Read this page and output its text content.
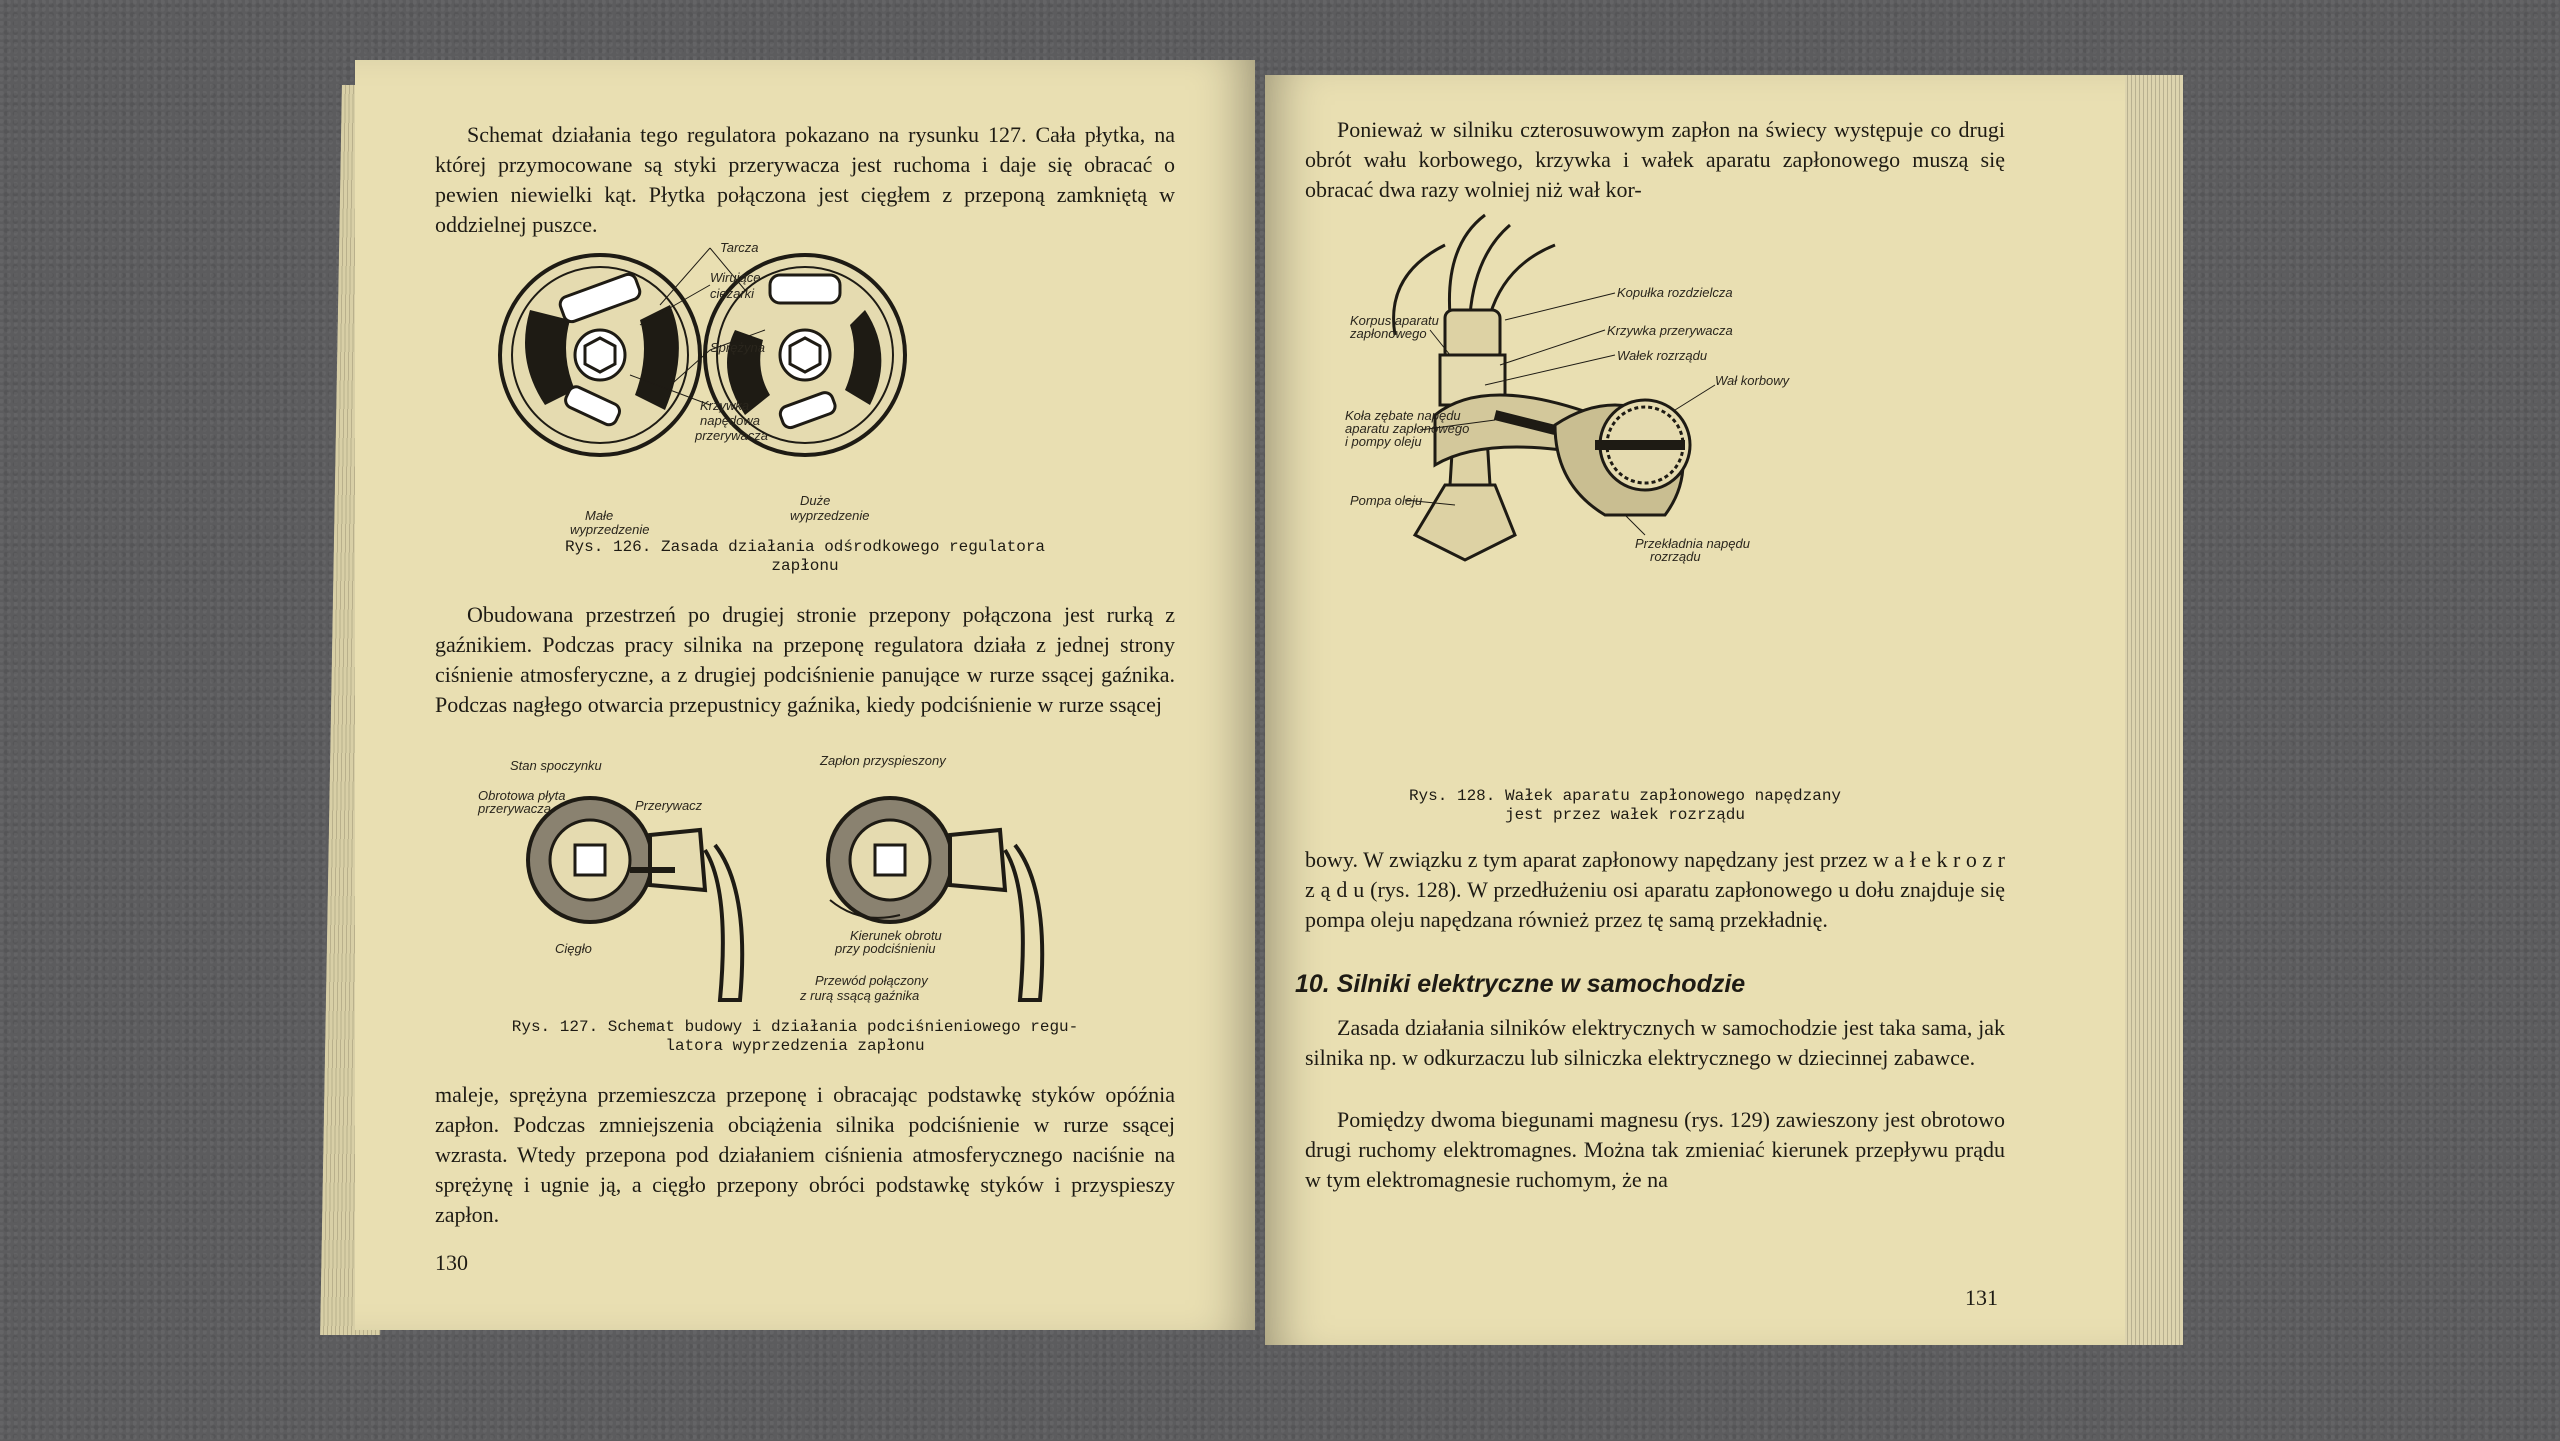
Schemat działania tego regulatora pokazano na rysunku 127. Cała płytka, na której przymocowane są styki przerywacza jest ruchoma i daje się obracać o pewien niewielki kąt. Płytka połączona jest cięgłem z przeponą zamkniętą w oddzielnej puszce.

Tarcza
Wirujące
ciężarki
Sprężyna
Krzywka
napędowa
przerywacza
Małe
wyprzedzenie
Duże
wyprzedzenie
Rys. 126. Zasada działania odśrodkowego regulatora
zapłonu

Obudowana przestrzeń po drugiej stronie przepony połączona jest rurką z gaźnikiem. Podczas pracy silnika na przeponę regulatora działa z jednej strony ciśnienie atmosferyczne, a z drugiej podciśnienie panujące w rurze ssącej gaźnika. Podczas nagłego otwarcia przepustnicy gaźnika, kiedy podciśnienie w rurze ssącej

Stan spoczynku	Zapłon przyspieszony
Obrotowa płyta
przerywacza	Przerywacz
Cięgło
Kierunek obrotu
przy podciśnieniu
Przewód połączony
z rurą ssącą gaźnika
Rys. 127. Schemat budowy i działania podciśnieniowego regu-
latora wyprzedzenia zapłonu

maleje, sprężyna przemieszcza przeponę i obracając podstawkę styków opóźnia zapłon. Podczas zmniejszenia obciążenia silnika podciśnienie w rurze ssącej wzrasta. Wtedy przepona pod działaniem ciśnienia atmosferycznego naciśnie na sprężynę i ugnie ją, a cięgło przepony obróci podstawkę styków i przyspieszy zapłon.

130

Ponieważ w silniku czterosuwowym zapłon na świecy występuje co drugi obrót wału korbowego, krzywka i wałek aparatu zapłonowego muszą się obracać dwa razy wolniej niż wał kor-

Kopułka rozdzielcza
Korpus aparatu
zapłonowego	Krzywka przerywacza
Wałek rozrządu
Wał korbowy
Koła zębate napędu
aparatu zapłonowego
i pompy oleju
Pompa oleju
Przekładnia napędu
rozrządu
Rys. 128. Wałek aparatu zapłonowego napędzany
jest przez wałek rozrządu

bowy. W związku z tym aparat zapłonowy napędzany jest przez w a ł e k r o z r z ą d u (rys. 128). W przedłużeniu osi aparatu zapłonowego u dołu znajduje się pompa oleju napędzana również przez tę samą przekładnię.

10. Silniki elektryczne w samochodzie

Zasada działania silników elektrycznych w samochodzie jest taka sama, jak silnika np. w odkurzaczu lub silniczka elektrycznego w dziecinnej zabawce.

Pomiędzy dwoma biegunami magnesu (rys. 129) zawieszony jest obrotowo drugi ruchomy elektromagnes. Można tak zmieniać kierunek przepływu prądu w tym elektromagnesie ruchomym, że na

131
